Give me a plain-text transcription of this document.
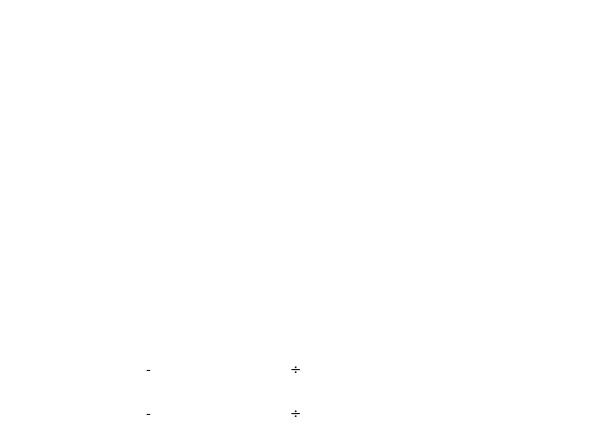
-	÷
-	÷
